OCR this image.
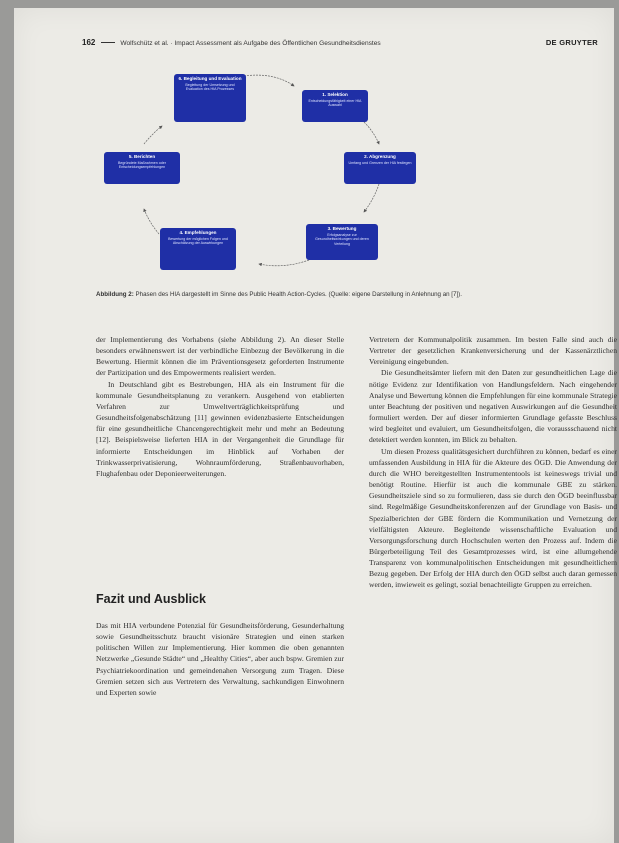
162	Wolfschütz et al. · Impact Assessment als Aufgabe des Öffentlichen Gesundheitsdienstes	DE GRUYTER
6. Begleitung und Evaluation
Begleitung der Umsetzung und Evaluation des HIA Prozesses
1. Selektion
Entscheidungsfähigkeit einer HIA Auswahl
2. Abgrenzung
Umfang und Grenzen der HIA festlegen
3. Bewertung
Erfolgsanalyse zur Gesundheitswirkungen und deren Verteilung
4. Empfehlungen
Bewertung der möglichen Folgen und Abschätzung der Auswirkungen
5. Berichten
Begründete Maßnahmen oder Entscheidungsempfehlungen
Abbildung 2: Phasen des HIA dargestellt im Sinne des Public Health Action-Cycles. (Quelle: eigene Darstellung in Anlehnung an [7]).

der Implementierung des Vorhabens (siehe Abbildung 2). An dieser Stelle besonders erwähnenswert ist der verbindliche Einbezug der Bevölkerung in die Bewertung. Hiermit können die im Präventionsgesetz geforderten Instrumente der Partizipation und des Empowerments realisiert werden.

In Deutschland gibt es Bestrebungen, HIA als ein Instrument für die kommunale Gesundheitsplanung zu verankern. Ausgehend von etablierten Verfahren zur Umweltverträglichkeitsprüfung und Gesundheitsfolgenabschätzung [11] gewinnen evidenzbasierte Entscheidungen für eine gesundheitliche Chancengerechtigkeit mehr und mehr an Bedeutung [12]. Beispielsweise lieferten HIA in der Vergangenheit die Grundlage für informierte Entscheidungen im Hinblick auf Vorhaben der Trinkwasserprivatisierung, Wohnraumförderung, Straßenbauvorhaben, Flughafenbau oder Deponieerweiterungen.

Fazit und Ausblick

Das mit HIA verbundene Potenzial für Gesundheitsförderung, Gesunderhaltung sowie Gesundheitsschutz braucht visionäre Strategien und einen starken politischen Willen zur Implementierung. Hier kommen die oben genannten Netzwerke „Gesunde Städte“ und „Healthy Cities“, aber auch bspw. Gremien zur Psychiatriekoordination und gemeindenahen Versorgung zum Tragen. Diese Gremien setzen sich aus Vertretern des Verwaltung, sachkundigen Einwohnern und Experten sowie

Vertretern der Kommunalpolitik zusammen. Im besten Falle sind auch die Vertreter der gesetzlichen Krankenversicherung und der Kassenärztlichen Vereinigung eingebunden.

Die Gesundheitsämter liefern mit den Daten zur gesundheitlichen Lage die nötige Evidenz zur Identifikation von Handlungsfeldern. Nach eingehender Analyse und Bewertung können die Empfehlungen für eine kommunale Strategie unter Beachtung der positiven und negativen Auswirkungen auf die Gesundheit formuliert werden. Der auf dieser informierten Grundlage gefasste Beschluss wird begleitet und evaluiert, um Gesundheitsfolgen, die voraussschauend nicht detektiert werden konnten, im Blick zu behalten.

Um diesen Prozess qualitätsgesichert durchführen zu können, bedarf es einer umfassenden Ausbildung in HIA für die Akteure des ÖGD. Die Anwendung der durch die WHO bereitgestellten Instrumententools ist keineswegs trivial und benötigt Routine. Hierfür ist auch die kommunale GBE zu stärken. Gesundheitsziele sind so zu formulieren, dass sie durch den ÖGD beeinflussbar sind. Regelmäßige Gesundheitskonferenzen auf der Grundlage von Basis- und Spezialberichten der GBE fördern die Kommunikation und Vernetzung der vielfältigsten Akteure. Begleitende wissenschaftliche Evaluation und Versorgungsforschung durch Hochschulen werten den Prozess auf. Indem die Bürgerbeteiligung Teil des Gesamtprozesses wird, ist eine allumgehende Transparenz von kommunalpolitischen Entscheidungen mit gesundheitlichem Bezug gegeben. Der Erfolg der HIA durch den ÖGD selbst auch daran gemessen werden, inwieweit es gelingt, sozial benachteiligte Gruppen zu erreichen.
